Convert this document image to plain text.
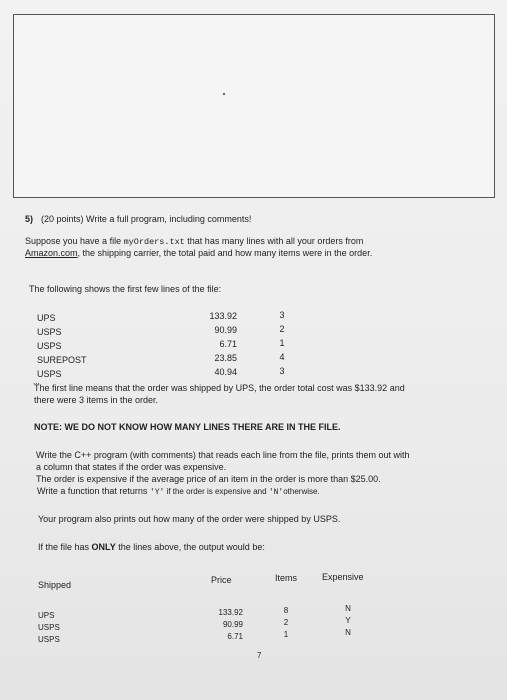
5) (20 points) Write a full program, including comments!
Suppose you have a file myOrders.txt that has many lines with all your orders from
Amazon.com, the shipping carrier, the total paid and how many items were in the order.
The following shows the first few lines of the file:
UPS	133.92	3
USPS	90.99	2
USPS	6.71	1
SUREPOST	23.85	4
USPS	40.94	3
...
The first line means that the order was shipped by UPS, the order total cost was $133.92 and
there were 3 items in the order.
NOTE: WE DO NOT KNOW HOW MANY LINES THERE ARE IN THE FILE.
Write the C++ program (with comments) that reads each line from the file, prints them out with
a column that states if the order was expensive.
The order is expensive if the average price of an item in the order is more than $25.00.
Write a function that returns 'Y' if the order is expensive and 'N'otherwise.
Your program also prints out how many of the order were shipped by USPS.
If the file has ONLY the lines above, the output would be:
Shipped	Price	Items	Expensive
UPS	133.92	8	N
USPS	90.99	2	Y
USPS	6.71	1	N
7
